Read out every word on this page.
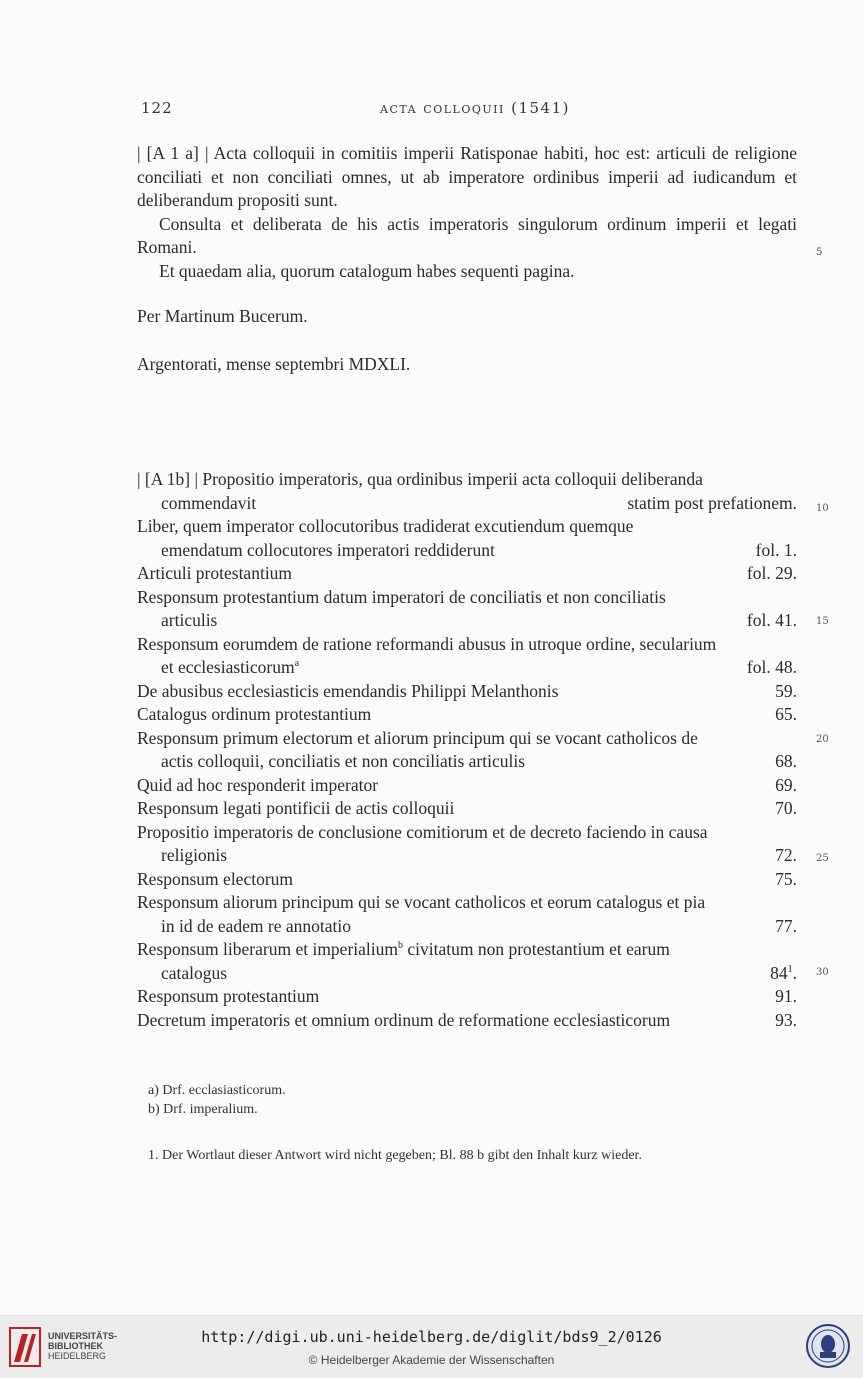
122	acta colloquii (1541)

| [A 1 a] | Acta colloquii in comitiis imperii Ratisponae habiti, hoc est: articuli de religione conciliati et non conciliati omnes, ut ab imperatore ordinibus imperii ad iudicandum et deliberandum propositi sunt.

Consulta et deliberata de his actis imperatoris singulorum ordinum imperii et legati Romani.

Et quaedam alia, quorum catalogum habes sequenti pagina.

Per Martinum Bucerum.
Argentorati, mense septembri MDXLI.
5
10
15
20
25
30
| [A 1b] | Propositio imperatoris, qua ordinibus imperii acta colloquii deliberanda commendavit	statim post prefationem.
Liber, quem imperator collocutoribus tradiderat excutiendum quemque emendatum collocutores imperatori reddiderunt	fol. 1.
Articuli protestantium	fol. 29.
Responsum protestantium datum imperatori de conciliatis et non conciliatis articulis	fol. 41.
Responsum eorumdem de ratione reformandi abusus in utroque ordine, secularium et ecclesiasticorum$^a$	fol. 48.
De abusibus ecclesiasticis emendandis Philippi Melanthonis	59.
Catalogus ordinum protestantium	65.
Responsum primum electorum et aliorum principum qui se vocant catholicos de actis colloquii, conciliatis et non conciliatis articulis	68.
Quid ad hoc responderit imperator	69.
Responsum legati pontificii de actis colloquii	70.
Propositio imperatoris de conclusione comitiorum et de decreto faciendo in causa religionis	72.
Responsum electorum	75.
Responsum aliorum principum qui se vocant catholicos et eorum catalogus et pia in id de eadem re annotatio	77.
Responsum liberarum et imperialium$^b$ civitatum non protestantium et earum catalogus	$84^1$.
Responsum protestantium	91.
Decretum imperatoris et omnium ordinum de reformatione ecclesiasticorum	93.
a) Drf. ecclasiasticorum.
b) Drf. imperalium.
1. Der Wortlaut dieser Antwort wird nicht gegeben; Bl. 88 b gibt den Inhalt kurz wieder.
UNIVERSITÄTS-
BIBLIOTHEK
HEIDELBERG
http://digi.ub.uni-heidelberg.de/diglit/bds9_2/0126
© Heidelberger Akademie der Wissenschaften
